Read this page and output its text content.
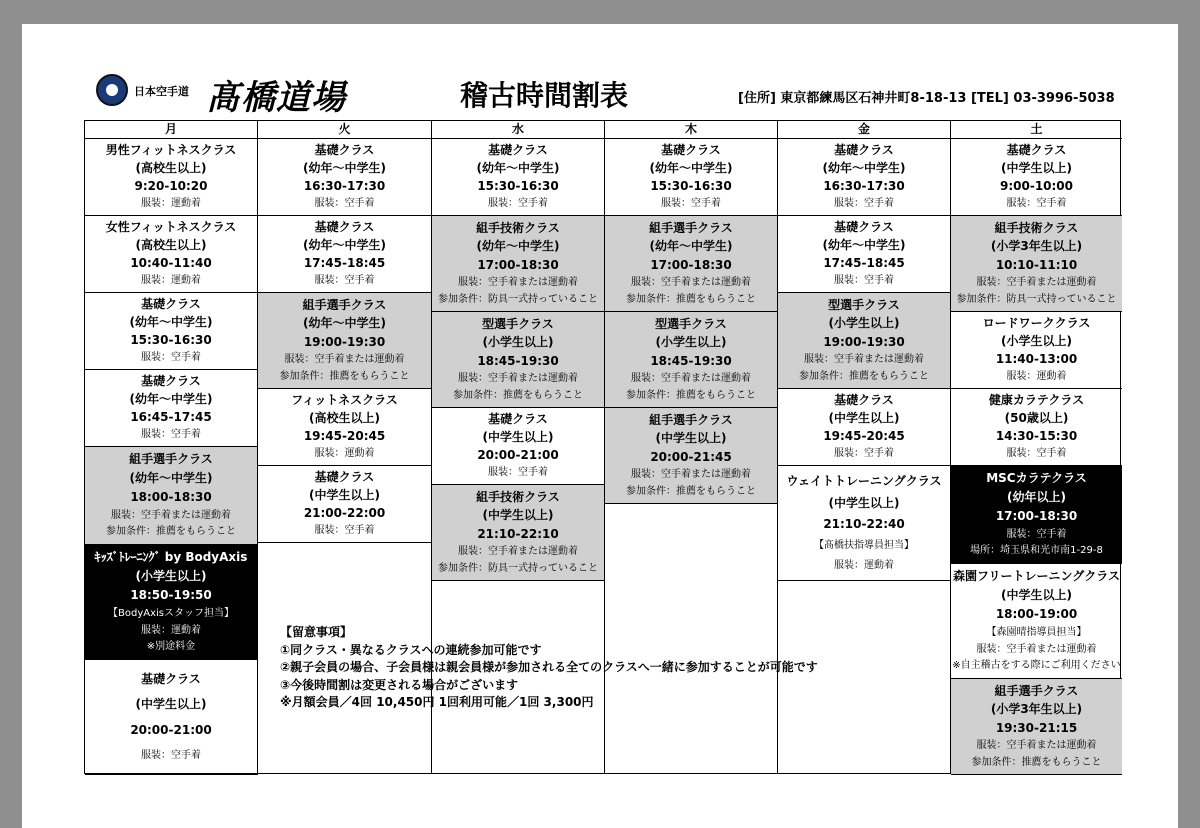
日本空手道 髙橋道場	稽古時間割表	[住所] 東京都練馬区石神井町8-18-13 [TEL] 03-3996-5038
月
男性フィットネスクラス
(高校生以上)
9:20-10:20
服装：運動着
女性フィットネスクラス
(高校生以上)
10:40-11:40
服装：運動着
基礎クラス
(幼年～中学生)
15:30-16:30
服装：空手着
基礎クラス
(幼年～中学生)
16:45-17:45
服装：空手着
組手選手クラス
(幼年～中学生)
18:00-18:30
服装：空手着または運動着
参加条件：推薦をもらうこと
ｷｯｽﾞﾄﾚｰﾆﾝｸﾞ by BodyAxis
(小学生以上)
18:50-19:50
【BodyAxisスタッフ担当】
服装：運動着
※別途料金
基礎クラス
(中学生以上)
20:00-21:00
服装：空手着
火
基礎クラス
(幼年～中学生)
16:30-17:30
服装：空手着
基礎クラス
(幼年～中学生)
17:45-18:45
服装：空手着
組手選手クラス
(幼年～中学生)
19:00-19:30
服装：空手着または運動着
参加条件：推薦をもらうこと
フィットネスクラス
(高校生以上)
19:45-20:45
服装：運動着
基礎クラス
(中学生以上)
21:00-22:00
服装：空手着
水
基礎クラス
(幼年～中学生)
15:30-16:30
服装：空手着
組手技術クラス
(幼年～中学生)
17:00-18:30
服装：空手着または運動着
参加条件：防具一式持っていること
型選手クラス
(小学生以上)
18:45-19:30
服装：空手着または運動着
参加条件：推薦をもらうこと
基礎クラス
(中学生以上)
20:00-21:00
服装：空手着
組手技術クラス
(中学生以上)
21:10-22:10
服装：空手着または運動着
参加条件：防具一式持っていること
木
基礎クラス
(幼年～中学生)
15:30-16:30
服装：空手着
組手選手クラス
(幼年～中学生)
17:00-18:30
服装：空手着または運動着
参加条件：推薦をもらうこと
型選手クラス
(小学生以上)
18:45-19:30
服装：空手着または運動着
参加条件：推薦をもらうこと
組手選手クラス
(中学生以上)
20:00-21:45
服装：空手着または運動着
参加条件：推薦をもらうこと
金
基礎クラス
(幼年～中学生)
16:30-17:30
服装：空手着
基礎クラス
(幼年～中学生)
17:45-18:45
服装：空手着
型選手クラス
(小学生以上)
19:00-19:30
服装：空手着または運動着
参加条件：推薦をもらうこと
基礎クラス
(中学生以上)
19:45-20:45
服装：空手着
ウェイトトレーニングクラス
(中学生以上)
21:10-22:40
【髙橋扶指導員担当】
服装：運動着
土
基礎クラス
(中学生以上)
9:00-10:00
服装：空手着
組手技術クラス
(小学3年生以上)
10:10-11:10
服装：空手着または運動着
参加条件：防具一式持っていること
ロードワーククラス
(小学生以上)
11:40-13:00
服装：運動着
健康カラテクラス
(50歳以上)
14:30-15:30
服装：空手着
MSCカラテクラス
(幼年以上)
17:00-18:30
服装：空手着
場所：埼玉県和光市南1-29-8
森園フリートレーニングクラス
(中学生以上)
18:00-19:00
【森園晴指導員担当】
服装：空手着または運動着
※自主稽古をする際にご利用ください
組手選手クラス
(小学3年生以上)
19:30-21:15
服装：空手着または運動着
参加条件：推薦をもらうこと
【留意事項】
①同クラス・異なるクラスへの連続参加可能です
②親子会員の場合、子会員様は親会員様が参加される全てのクラスへ一緒に参加することが可能です
③今後時間割は変更される場合がございます
※月額会員／4回 10,450円 1回利用可能／1回 3,300円
